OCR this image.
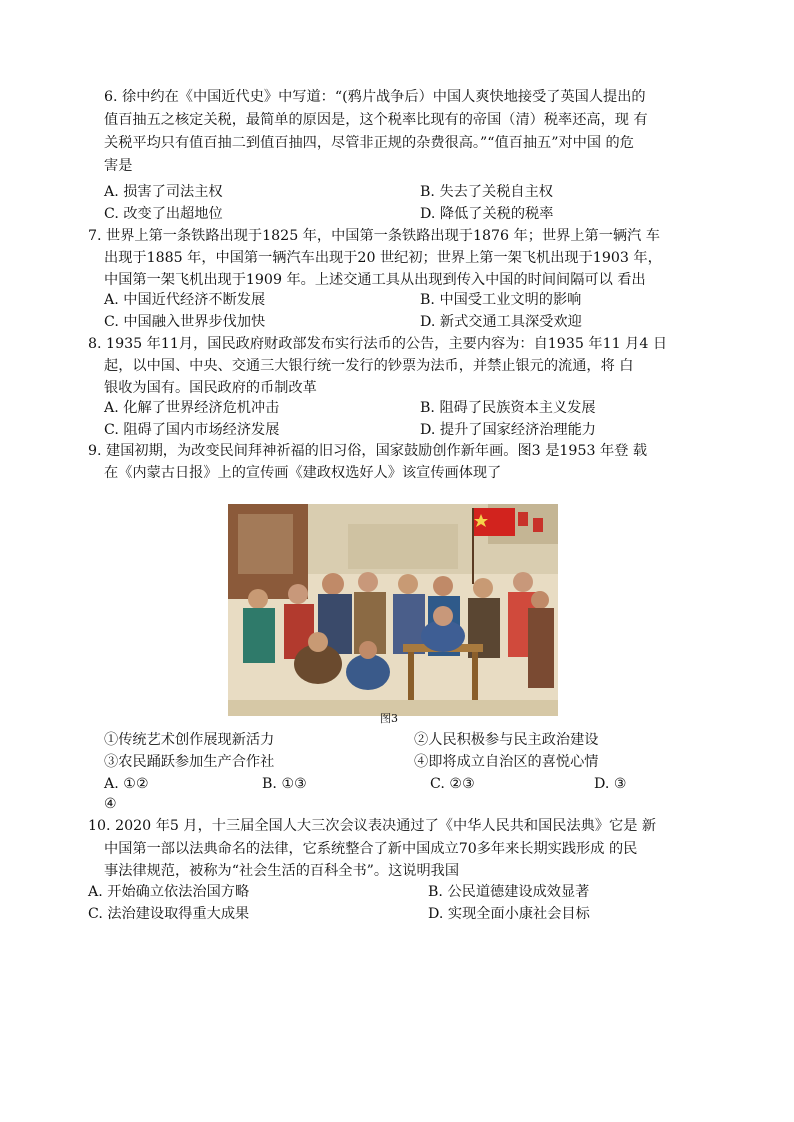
6. 徐中约在《中国近代史》中写道：“(鸦片战争后）中国人爽快地接受了英国人提出的
值百抽五之核定关税，最简单的原因是，这个税率比现有的帝国（清）税率还高，现 有
关税平均只有值百抽二到值百抽四，尽管非正规的杂费很高。”“值百抽五”对中国 的危
害是
A. 损害了司法主权	B. 失去了关税自主权
C. 改变了出超地位	D. 降低了关税的税率
7. 世界上第一条铁路出现于1825 年，中国第一条铁路出现于1876 年；世界上第一辆汽 车
出现于1885 年，中国第一辆汽车出现于20 世纪初；世界上第一架飞机出现于1903 年，
中国第一架飞机出现于1909 年。上述交通工具从出现到传入中国的时间间隔可以 看出
A. 中国近代经济不断发展	B. 中国受工业文明的影响
C. 中国融入世界步伐加快	D. 新式交通工具深受欢迎
8. 1935 年11月，国民政府财政部发布实行法币的公告，主要内容为：自1935 年11 月4 日
起，以中国、中央、交通三大银行统一发行的钞票为法币，并禁止银元的流通，将 白
银收为国有。国民政府的币制改革
A. 化解了世界经济危机冲击	B. 阻碍了民族资本主义发展
C. 阻碍了国内市场经济发展	D. 提升了国家经济治理能力
9. 建国初期，为改变民间拜神祈福的旧习俗，国家鼓励创作新年画。图3 是1953 年登 载
在《内蒙古日报》上的宣传画《建政权选好人》该宣传画体现了
图3
①传统艺术创作展现新活力	②人民积极参与民主政治建设
③农民踊跃参加生产合作社	④即将成立自治区的喜悦心情
A. ①②	B. ①③	C. ②③	D. ③
④
10. 2020 年5 月，十三届全国人大三次会议表决通过了《中华人民共和国民法典》它是 新
中国第一部以法典命名的法律，它系统整合了新中国成立70多年来长期实践形成 的民
事法律规范，被称为“社会生活的百科全书”。这说明我国
A. 开始确立依法治国方略	B. 公民道德建设成效显著
C. 法治建设取得重大成果	D. 实现全面小康社会目标
